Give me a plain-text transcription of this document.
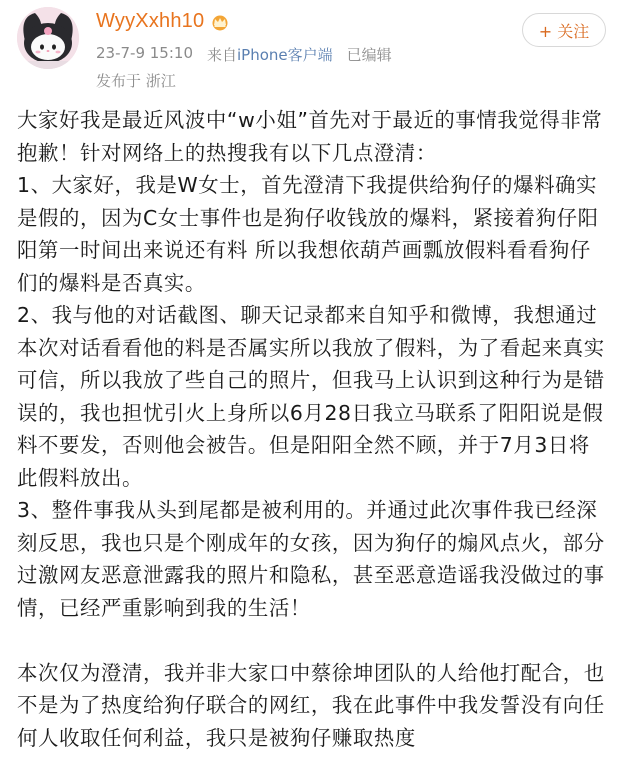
WyyXxhh10
23-7-9 15:10 来自 iPhone客户端 已编辑
发布于 浙江
+ 关注

大家好我是最近风波中“w小姐”首先对于最近的事情我觉得非常抱歉！针对网络上的热搜我有以下几点澄清：

1、大家好，我是W女士，首先澄清下我提供给狗仔的爆料确实是假的，因为C女士事件也是狗仔收钱放的爆料，紧接着狗仔阳阳第一时间出来说还有料 所以我想依葫芦画瓢放假料看看狗仔们的爆料是否真实。

2、我与他的对话截图、聊天记录都来自知乎和微博，我想通过本次对话看看他的料是否属实所以我放了假料，为了看起来真实可信，所以我放了些自己的照片，但我马上认识到这种行为是错误的，我也担忧引火上身所以6月28日我立马联系了阳阳说是假料不要发，否则他会被告。但是阳阳全然不顾，并于7月3日将此假料放出。

3、整件事我从头到尾都是被利用的。并通过此次事件我已经深刻反思，我也只是个刚成年的女孩，因为狗仔的煽风点火，部分过激网友恶意泄露我的照片和隐私，甚至恶意造谣我没做过的事情，已经严重影响到我的生活！

本次仅为澄清，我并非大家口中蔡徐坤团队的人给他打配合，也不是为了热度给狗仔联合的网红，我在此事件中我发誓没有向任何人收取任何利益，我只是被狗仔赚取热度
